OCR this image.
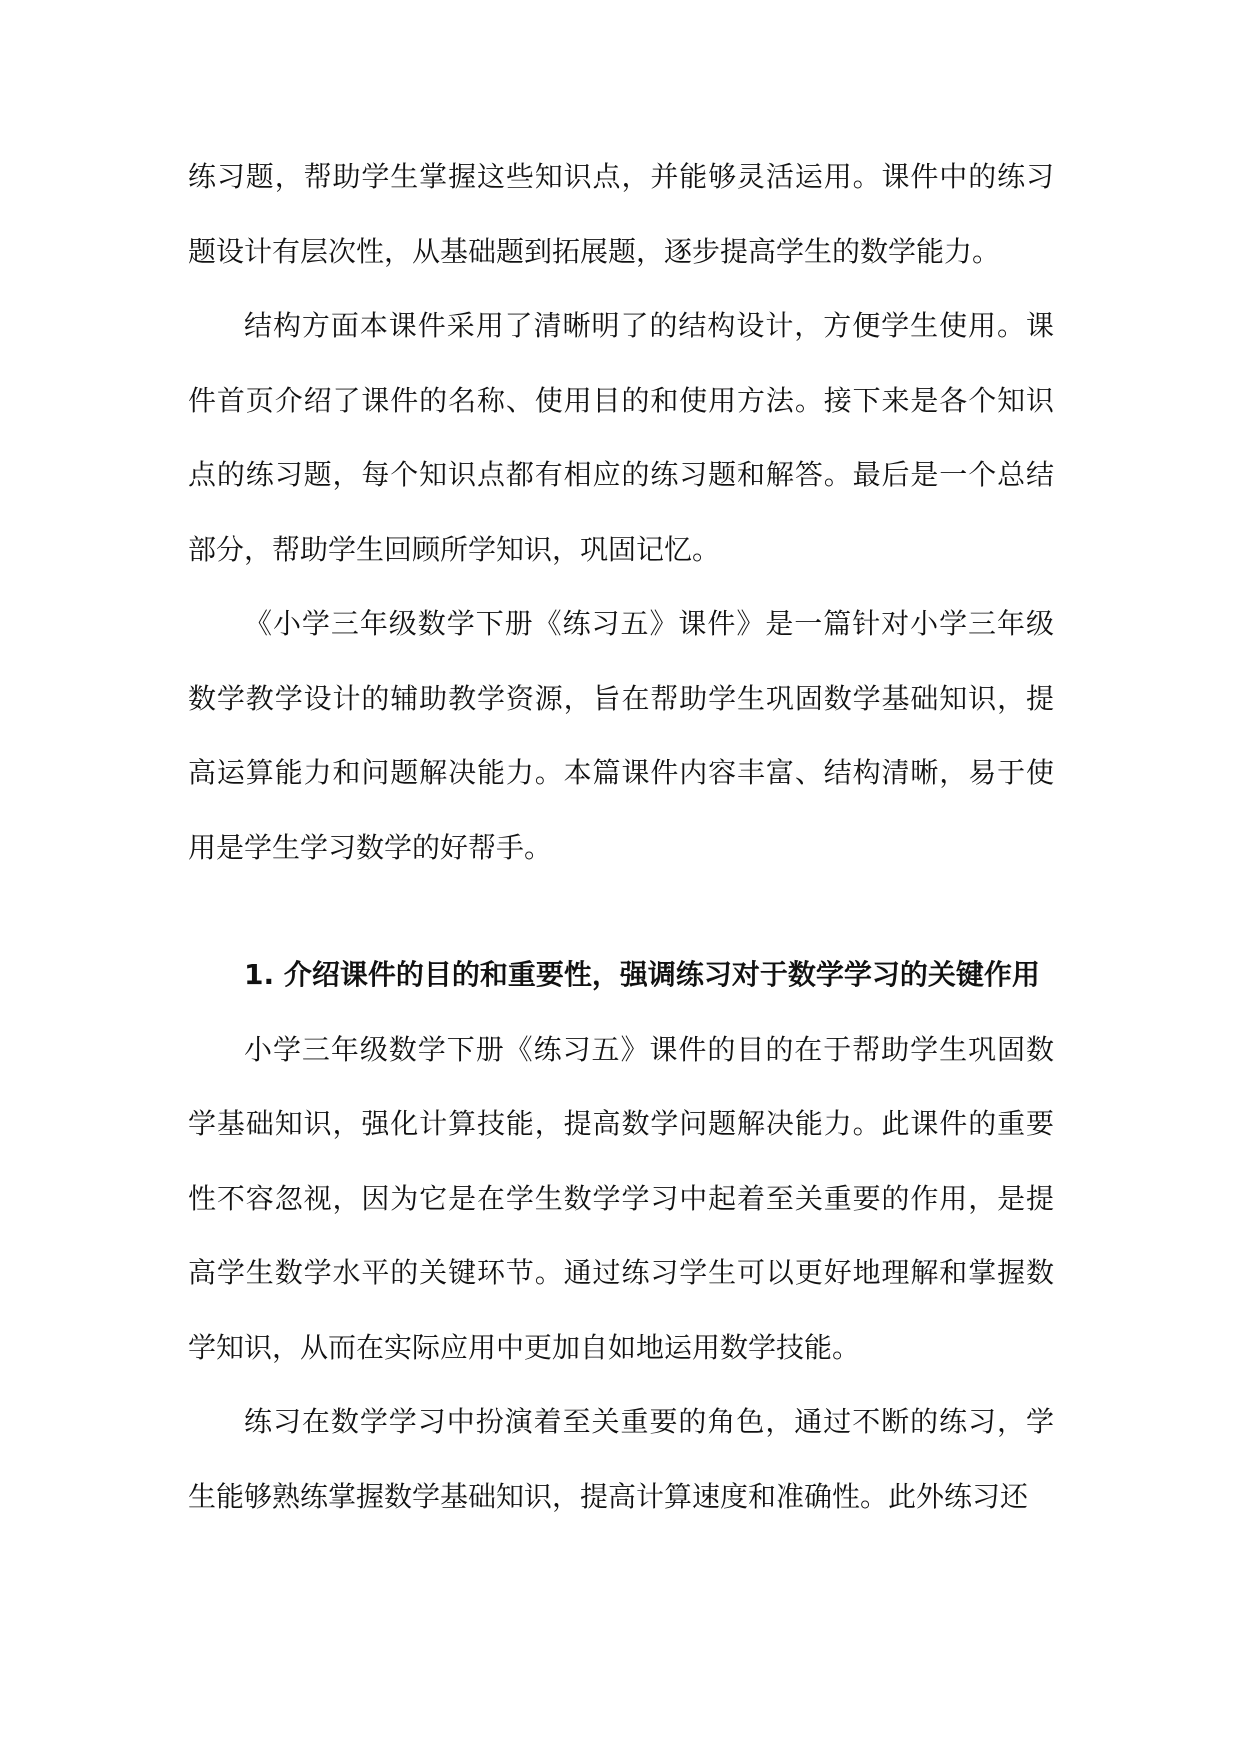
练习题，帮助学生掌握这些知识点，并能够灵活运用。课件中的练习题设计有层次性，从基础题到拓展题，逐步提高学生的数学能力。

结构方面本课件采用了清晰明了的结构设计，方便学生使用。课件首页介绍了课件的名称、使用目的和使用方法。接下来是各个知识点的练习题，每个知识点都有相应的练习题和解答。最后是一个总结部分，帮助学生回顾所学知识，巩固记忆。

《小学三年级数学下册《练习五》课件》是一篇针对小学三年级数学教学设计的辅助教学资源，旨在帮助学生巩固数学基础知识，提高运算能力和问题解决能力。本篇课件内容丰富、结构清晰，易于使用是学生学习数学的好帮手。

1. 介绍课件的目的和重要性，强调练习对于数学学习的关键作用

小学三年级数学下册《练习五》课件的目的在于帮助学生巩固数学基础知识，强化计算技能，提高数学问题解决能力。此课件的重要性不容忽视，因为它是在学生数学学习中起着至关重要的作用，是提高学生数学水平的关键环节。通过练习学生可以更好地理解和掌握数学知识，从而在实际应用中更加自如地运用数学技能。

练习在数学学习中扮演着至关重要的角色，通过不断的练习，学生能够熟练掌握数学基础知识，提高计算速度和准确性。此外练习还
